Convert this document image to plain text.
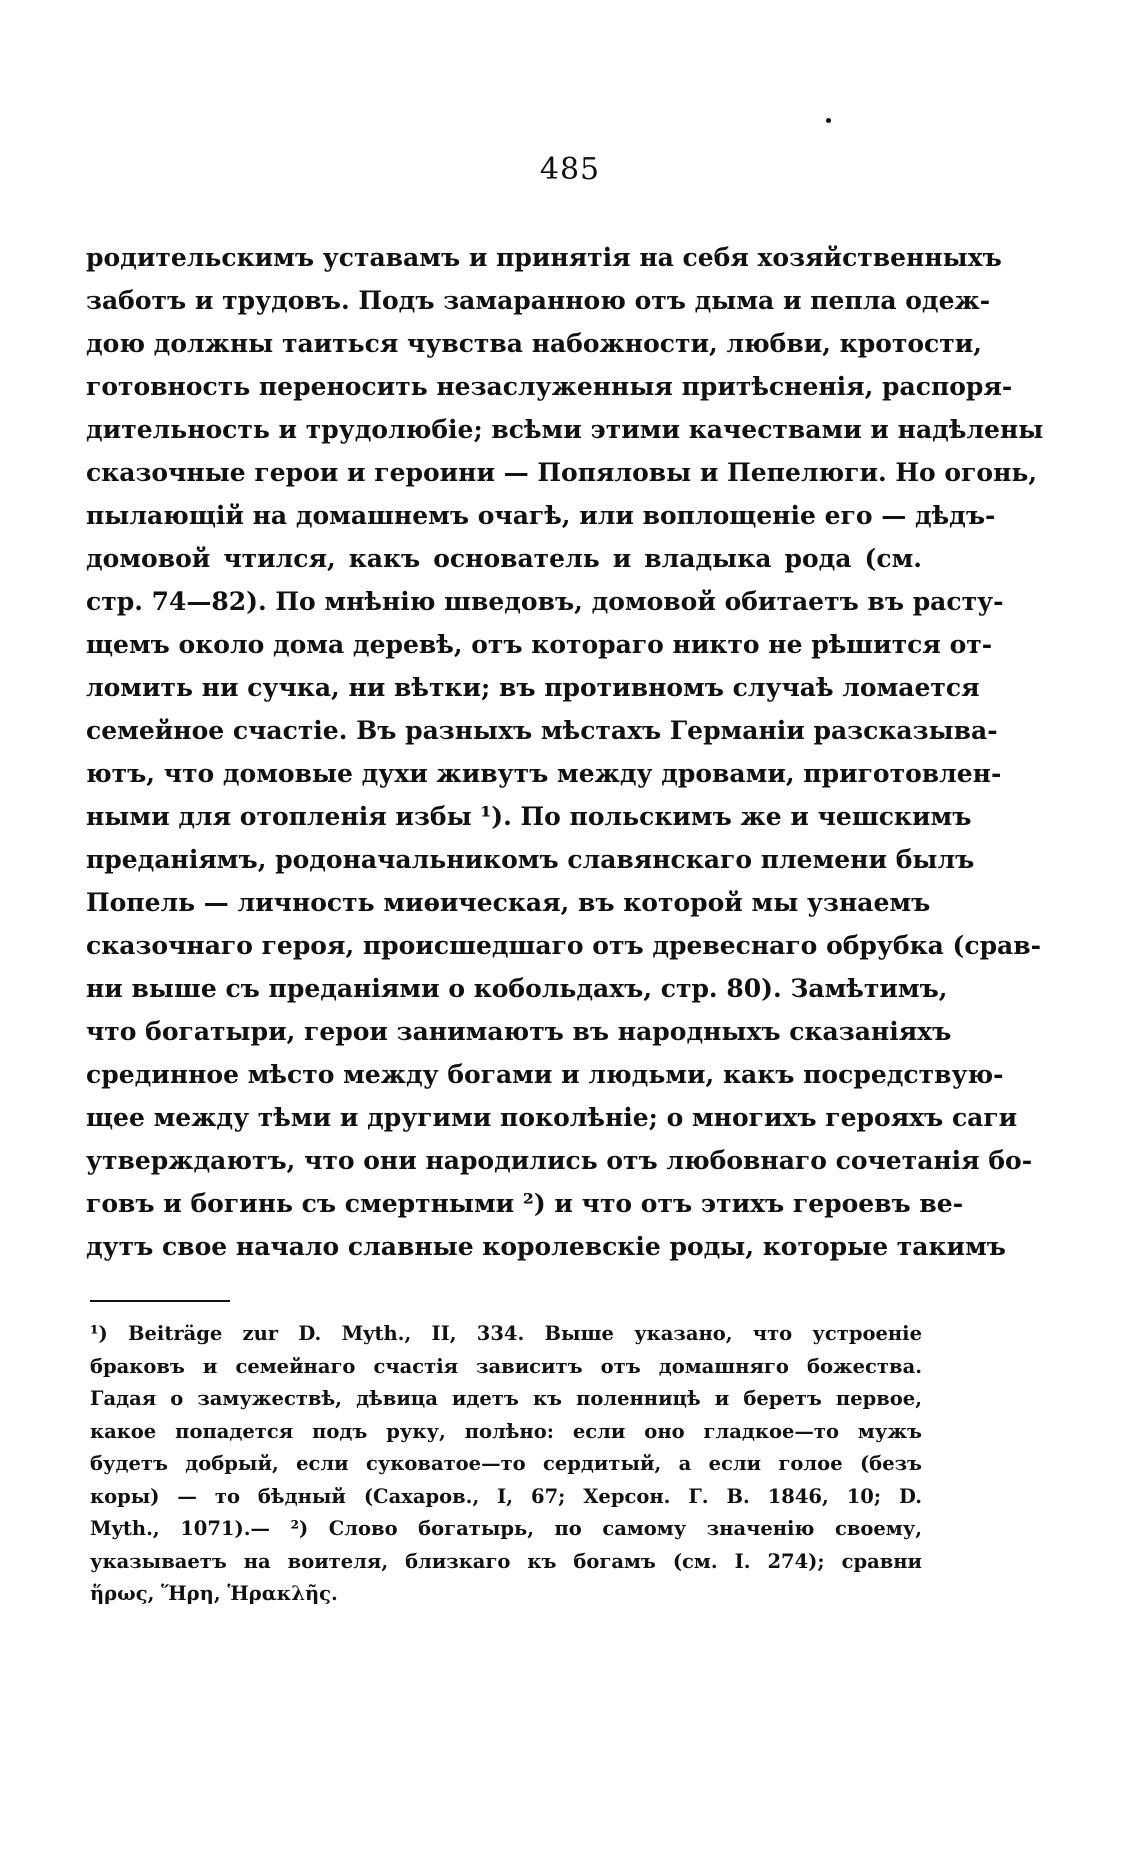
485
родительскимъ уставамъ и принятія на себя хозяйственныхъ
заботъ и трудовъ. Подъ замаранною отъ дыма и пепла одеж-
дою должны таиться чувства набожности, любви, кротости,
готовность переносить незаслуженныя притѣсненія, распоря-
дительность и трудолюбіе; всѣми этими качествами и надѣлены
сказочные герои и героини — Попяловы и Пепелюги. Но огонь,
пылающій на домашнемъ очагѣ, или воплощеніе его — дѣдъ-
домовой чтился, какъ основатель и владыка рода (см.
стр. 74—82). По мнѣнію шведовъ, домовой обитаетъ въ расту-
щемъ около дома деревѣ, отъ котораго никто не рѣшится от-
ломить ни сучка, ни вѣтки; въ противномъ случаѣ ломается
семейное счастіе. Въ разныхъ мѣстахъ Германіи разсказыва-
ютъ, что домовые духи живутъ между дровами, приготовлен-
ными для отопленія избы ¹). По польскимъ же и чешскимъ
преданіямъ, родоначальникомъ славянскаго племени былъ
Попель — личность миѳическая, въ которой мы узнаемъ
сказочнаго героя, происшедшаго отъ древеснаго обрубка (срав-
ни выше съ преданіями о кобольдахъ, стр. 80). Замѣтимъ,
что богатыри, герои занимаютъ въ народныхъ сказаніяхъ
срединное мѣсто между богами и людьми, какъ посредствую-
щее между тѣми и другими поколѣніе; о многихъ герояхъ саги
утверждаютъ, что они народились отъ любовнаго сочетанія бо-
говъ и богинь съ смертными ²) и что отъ этихъ героевъ ве-
дутъ свое начало славные королевскіе роды, которые такимъ
¹) Beiträge zur D. Myth., II, 334. Выше указано, что устроеніе
браковъ и семейнаго счастія зависитъ отъ домашняго божества.
Гадая о замужествѣ, дѣвица идетъ къ поленницѣ и беретъ первое,
какое попадется подъ руку, полѣно: если оно гладкое—то мужъ
будетъ добрый, если суковатое—то сердитый, а если голое (безъ
коры) — то бѣдный (Сахаров., I, 67; Херсон. Г. В. 1846, 10; D.
Myth., 1071).— ²) Слово богатырь, по самому значенію своему,
указываетъ на воителя, близкаго къ богамъ (см. I. 274); сравни
ἥρως, Ἥρη, Ἡρακλῆς.
